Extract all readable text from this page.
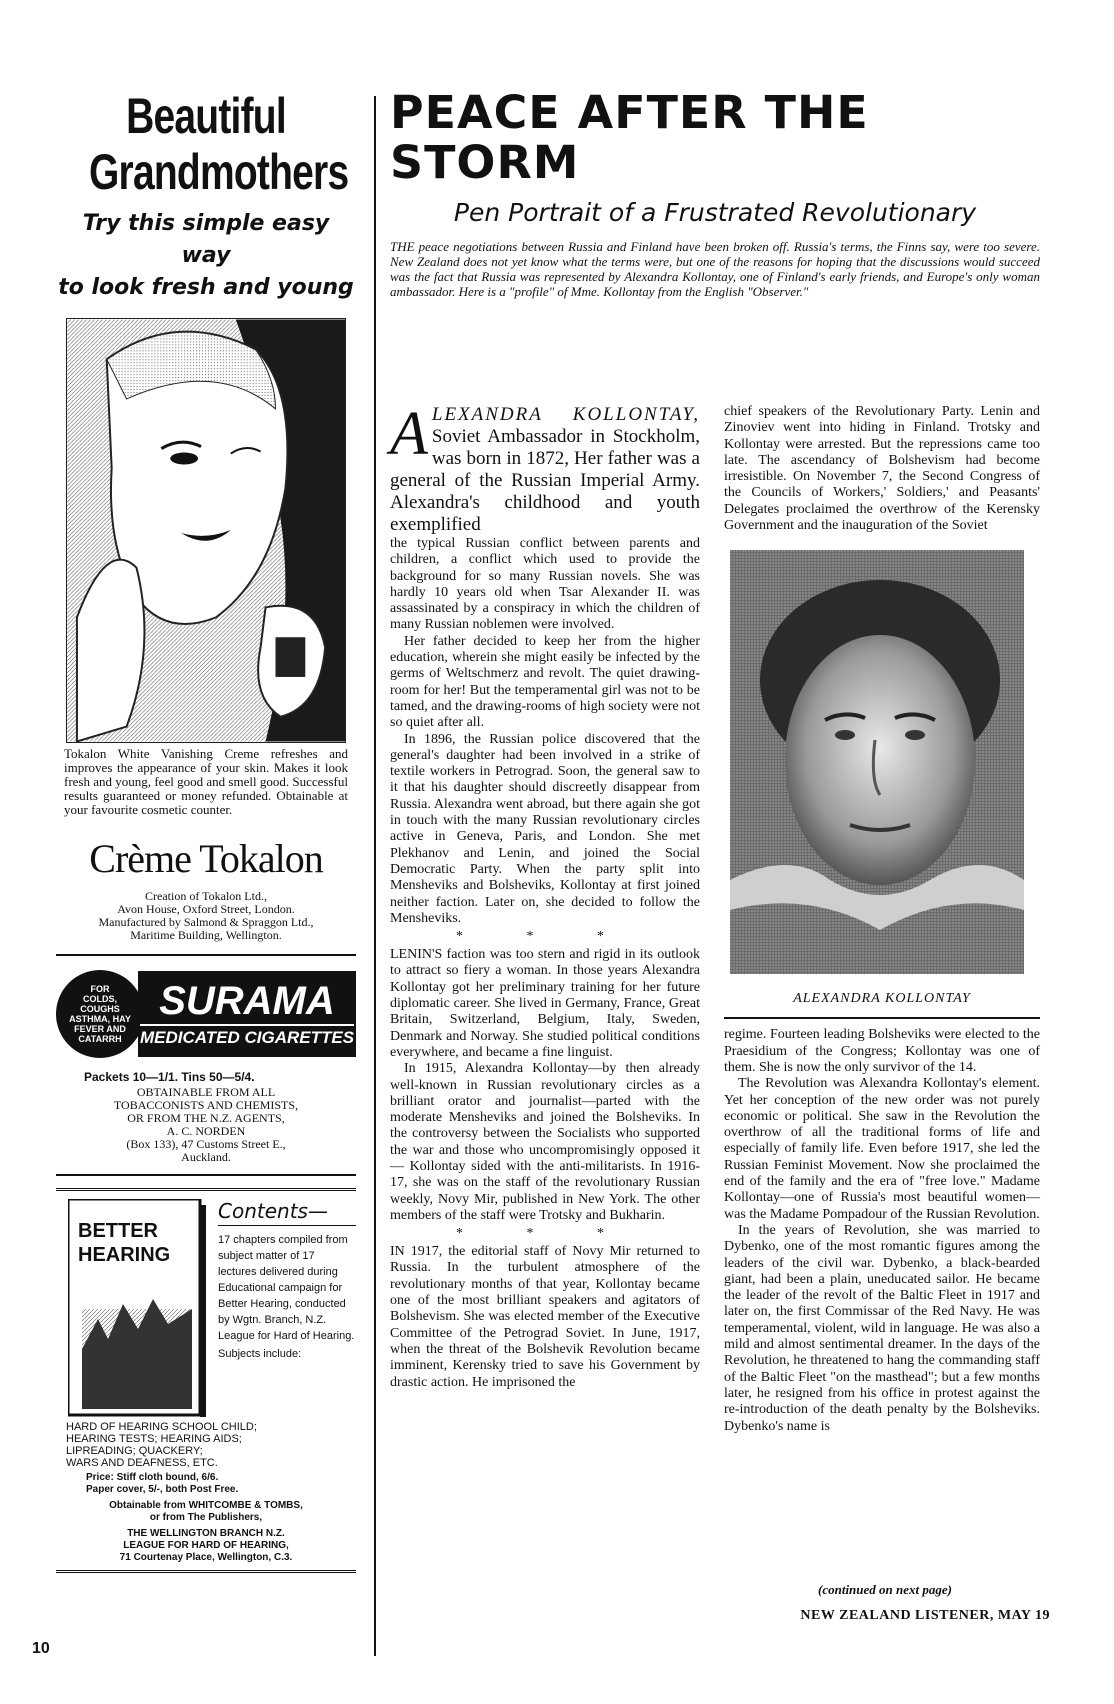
Beautiful
Grandmothers
Try this simple easy way
to look fresh and young
Tokalon White Vanishing Creme refreshes and improves the appearance of your skin. Makes it look fresh and young, feel good and smell good. Successful results guaranteed or money refunded. Obtainable at your favourite cosmetic counter.
Crème Tokalon
Creation of Tokalon Ltd.,
Avon House, Oxford Street, London.
Manufactured by Salmond & Spraggon Ltd.,
Maritime Building, Wellington.
FOR
COLDS, COUGHS
ASTHMA, HAY
FEVER AND
CATARRH
SURAMA
MEDICATED CIGARETTES
Packets 10—1/1. Tins 50—5/4.
OBTAINABLE FROM ALL
TOBACCONISTS AND CHEMISTS,
OR FROM THE N.Z. AGENTS,
A. C. NORDEN
(Box 133), 47 Customs Street E.,
Auckland.
BETTER
HEARING
Contents—
17 chapters compiled from subject matter of 17 lectures delivered during Educational campaign for Better Hearing, conducted by Wgtn. Branch, N.Z. League for Hard of Hearing.
Subjects include:
HARD OF HEARING SCHOOL CHILD;
HEARING TESTS; HEARING AIDS;
LIPREADING; QUACKERY;
WARS AND DEAFNESS, ETC.
Price: Stiff cloth bound, 6/6.
Paper cover, 5/-, both Post Free.
Obtainable from WHITCOMBE & TOMBS,
or from The Publishers,
THE WELLINGTON BRANCH N.Z.
LEAGUE FOR HARD OF HEARING,
71 Courtenay Place, Wellington, C.3.
10
PEACE AFTER THE STORM
Pen Portrait of a Frustrated Revolutionary
THE peace negotiations between Russia and Finland have been broken off. Russia's terms, the Finns say, were too severe. New Zealand does not yet know what the terms were, but one of the reasons for hoping that the discussions would succeed was the fact that Russia was represented by Alexandra Kollontay, one of Finland's early friends, and Europe's only woman ambassador. Here is a "profile" of Mme. Kollontay from the English "Observer."
A LEXANDRA KOLLONTAY, Soviet Ambassador in Stockholm, was born in 1872, Her father was a general of the Russian Imperial Army. Alexandra's childhood and youth exemplified

the typical Russian conflict between parents and children, a conflict which used to provide the background for so many Russian novels. She was hardly 10 years old when Tsar Alexander II. was assassinated by a conspiracy in which the children of many Russian noblemen were involved.

Her father decided to keep her from the higher education, wherein she might easily be infected by the germs of Weltschmerz and revolt. The quiet drawing-room for her! But the temperamental girl was not to be tamed, and the drawing-rooms of high society were not so quiet after all.

In 1896, the Russian police discovered that the general's daughter had been involved in a strike of textile workers in Petrograd. Soon, the general saw to it that his daughter should discreetly disappear from Russia. Alexandra went abroad, but there again she got in touch with the many Russian revolutionary circles active in Geneva, Paris, and London. She met Plekhanov and Lenin, and joined the Social Democratic Party. When the party split into Mensheviks and Bolsheviks, Kollontay at first joined neither faction. Later on, she decided to follow the Mensheviks.

* * *

LENIN'S faction was too stern and rigid in its outlook to attract so fiery a woman. In those years Alexandra Kollontay got her preliminary training for her future diplomatic career. She lived in Germany, France, Great Britain, Switzerland, Belgium, Italy, Sweden, Denmark and Norway. She studied political conditions everywhere, and became a fine linguist.

In 1915, Alexandra Kollontay—by then already well-known in Russian revolutionary circles as a brilliant orator and journalist—parted with the moderate Mensheviks and joined the Bolsheviks. In the controversy between the Socialists who supported the war and those who uncompromisingly opposed it — Kollontay sided with the anti-militarists. In 1916-17, she was on the staff of the revolutionary Russian weekly, Novy Mir, published in New York. The other members of the staff were Trotsky and Bukharin.

* * *

IN 1917, the editorial staff of Novy Mir returned to Russia. In the turbulent atmosphere of the revolutionary months of that year, Kollontay became one of the most brilliant speakers and agitators of Bolshevism. She was elected member of the Executive Committee of the Petrograd Soviet. In June, 1917, when the threat of the Bolshevik Revolution became imminent, Kerensky tried to save his Government by drastic action. He imprisoned the

chief speakers of the Revolutionary Party. Lenin and Zinoviev went into hiding in Finland. Trotsky and Kollontay were arrested. But the repressions came too late. The ascendancy of Bolshevism had become irresistible. On November 7, the Second Congress of the Councils of Workers,' Soldiers,' and Peasants' Delegates proclaimed the overthrow of the Kerensky Government and the inauguration of the Soviet

ALEXANDRA KOLLONTAY

regime. Fourteen leading Bolsheviks were elected to the Praesidium of the Congress; Kollontay was one of them. She is now the only survivor of the 14.

The Revolution was Alexandra Kollontay's element. Yet her conception of the new order was not purely economic or political. She saw in the Revolution the overthrow of all the traditional forms of life and especially of family life. Even before 1917, she led the Russian Feminist Movement. Now she proclaimed the end of the family and the era of "free love." Madame Kollontay—one of Russia's most beautiful women—was the Madame Pompadour of the Russian Revolution.

In the years of Revolution, she was married to Dybenko, one of the most romantic figures among the leaders of the civil war. Dybenko, a black-bearded giant, had been a plain, uneducated sailor. He became the leader of the revolt of the Baltic Fleet in 1917 and later on, the first Commissar of the Red Navy. He was temperamental, violent, wild in language. He was also a mild and almost sentimental dreamer. In the days of the Revolution, he threatened to hang the commanding staff of the Baltic Fleet "on the masthead"; but a few months later, he resigned from his office in protest against the re-introduction of the death penalty by the Bolsheviks. Dybenko's name is

(continued on next page)
NEW ZEALAND LISTENER, MAY 19
